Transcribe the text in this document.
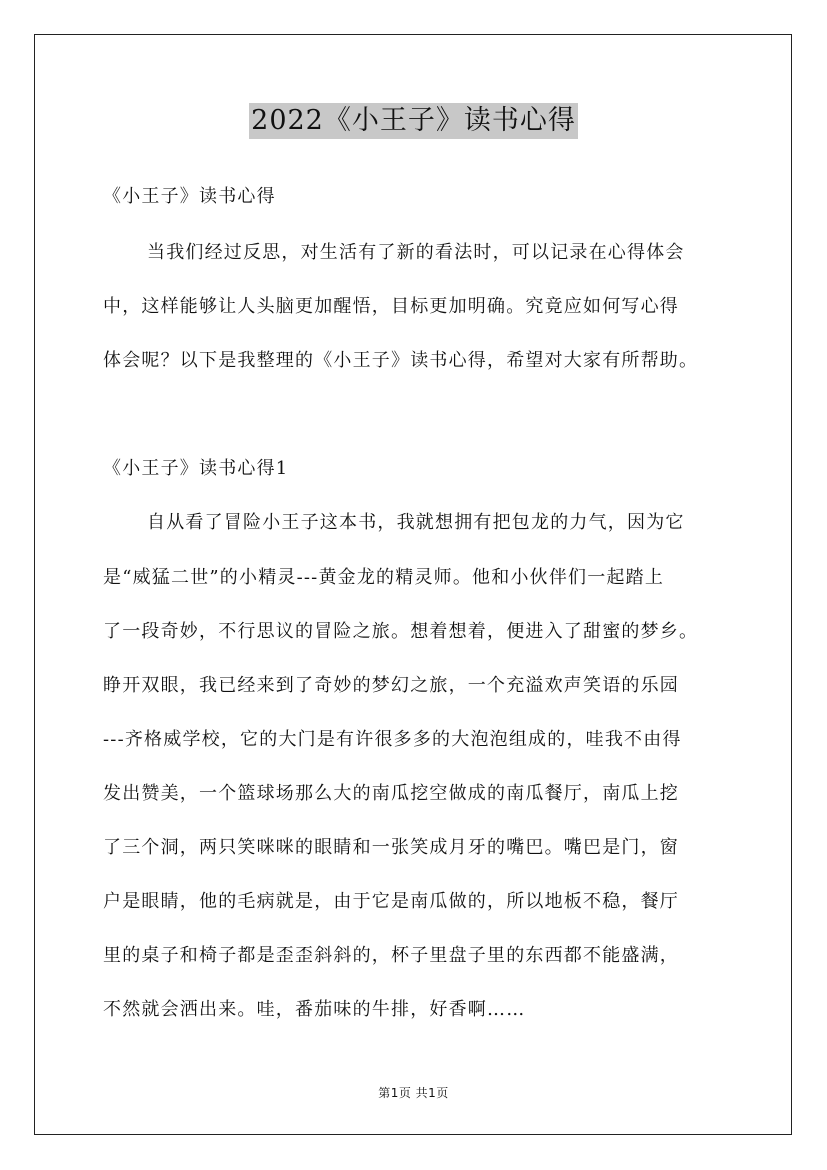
2022《小王子》读书心得
《小王子》读书心得
当我们经过反思，对生活有了新的看法时，可以记录在心得体会
中，这样能够让人头脑更加醒悟，目标更加明确。究竟应如何写心得
体会呢？以下是我整理的《小王子》读书心得，希望对大家有所帮助。
《小王子》读书心得1
自从看了冒险小王子这本书，我就想拥有把包龙的力气，因为它
是“威猛二世”的小精灵---黄金龙的精灵师。他和小伙伴们一起踏上
了一段奇妙，不行思议的冒险之旅。想着想着，便进入了甜蜜的梦乡。
睁开双眼，我已经来到了奇妙的梦幻之旅，一个充溢欢声笑语的乐园
---齐格威学校，它的大门是有许很多多的大泡泡组成的，哇我不由得
发出赞美，一个篮球场那么大的南瓜挖空做成的南瓜餐厅，南瓜上挖
了三个洞，两只笑咪咪的眼睛和一张笑成月牙的嘴巴。嘴巴是门，窗
户是眼睛，他的毛病就是，由于它是南瓜做的，所以地板不稳，餐厅
里的桌子和椅子都是歪歪斜斜的，杯子里盘子里的东西都不能盛满，
不然就会洒出来。哇，番茄味的牛排，好香啊……
第1页 共1页
